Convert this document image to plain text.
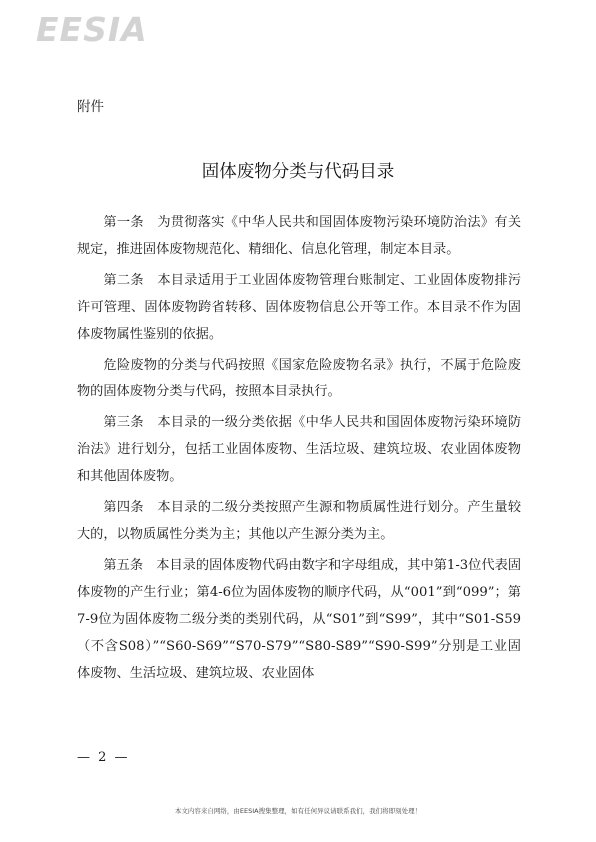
EESIA
附件
固体废物分类与代码目录

第一条　 为贯彻落实《中华人民共和国固体废物污染环境防治法》有关规定，推进固体废物规范化、精细化、信息化管理，制定本目录。

第二条　 本目录适用于工业固体废物管理台账制定、工业固体废物排污许可管理、固体废物跨省转移、固体废物信息公开等工作。本目录不作为固体废物属性鉴别的依据。

危险废物的分类与代码按照《国家危险废物名录》执行，不属于危险废物的固体废物分类与代码，按照本目录执行。

第三条　 本目录的一级分类依据《中华人民共和国固体废物污染环境防治法》进行划分，包括工业固体废物、生活垃圾、建筑垃圾、农业固体废物和其他固体废物。

第四条　 本目录的二级分类按照产生源和物质属性进行划分。产生量较大的，以物质属性分类为主；其他以产生源分类为主。

第五条　 本目录的固体废物代码由数字和字母组成，其中第1-3位代表固体废物的产生行业；第4-6位为固体废物的顺序代码，从“001”到“099”；第7-9位为固体废物二级分类的类别代码，从“S01”到“S99”，其中“S01-S59（不含S08）”“S60-S69”“S70-S79”“S80-S89”“S90-S99”分别是工业固体废物、生活垃圾、建筑垃圾、农业固体

— 2 —
本文内容来自网络，由EESIA搜集整理，如有任何异议请联系我们，我们将即刻处理！
